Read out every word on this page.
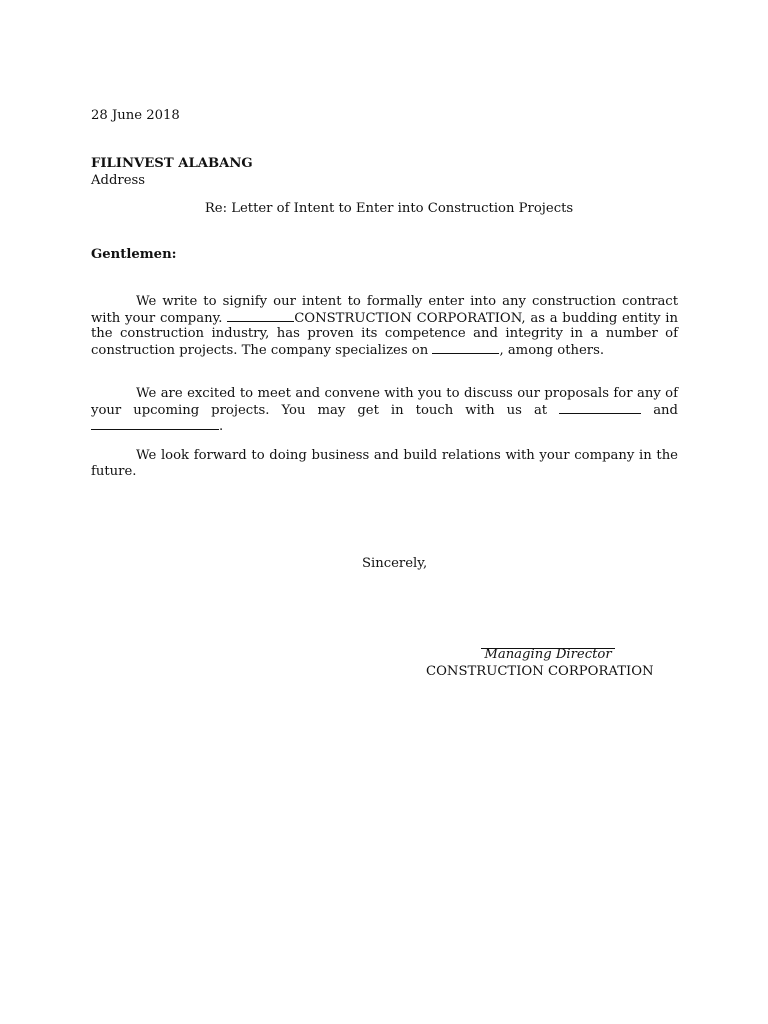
28 June 2018
FILINVEST ALABANG
Address
Re: Letter of Intent to Enter into Construction Projects
Gentlemen:

We write to signify our intent to formally enter into any construction contract with your company.	CONSTRUCTION CORPORATION, as a budding entity in the construction industry, has proven its competence and integrity in a number of construction projects. The company specializes on	, among others.

We are excited to meet and convene with you to discuss our proposals for any of your upcoming projects. You may get in touch with us at	and .

We look forward to doing business and build relations with your company in the future.

Sincerely,
Managing Director
CONSTRUCTION CORPORATION
